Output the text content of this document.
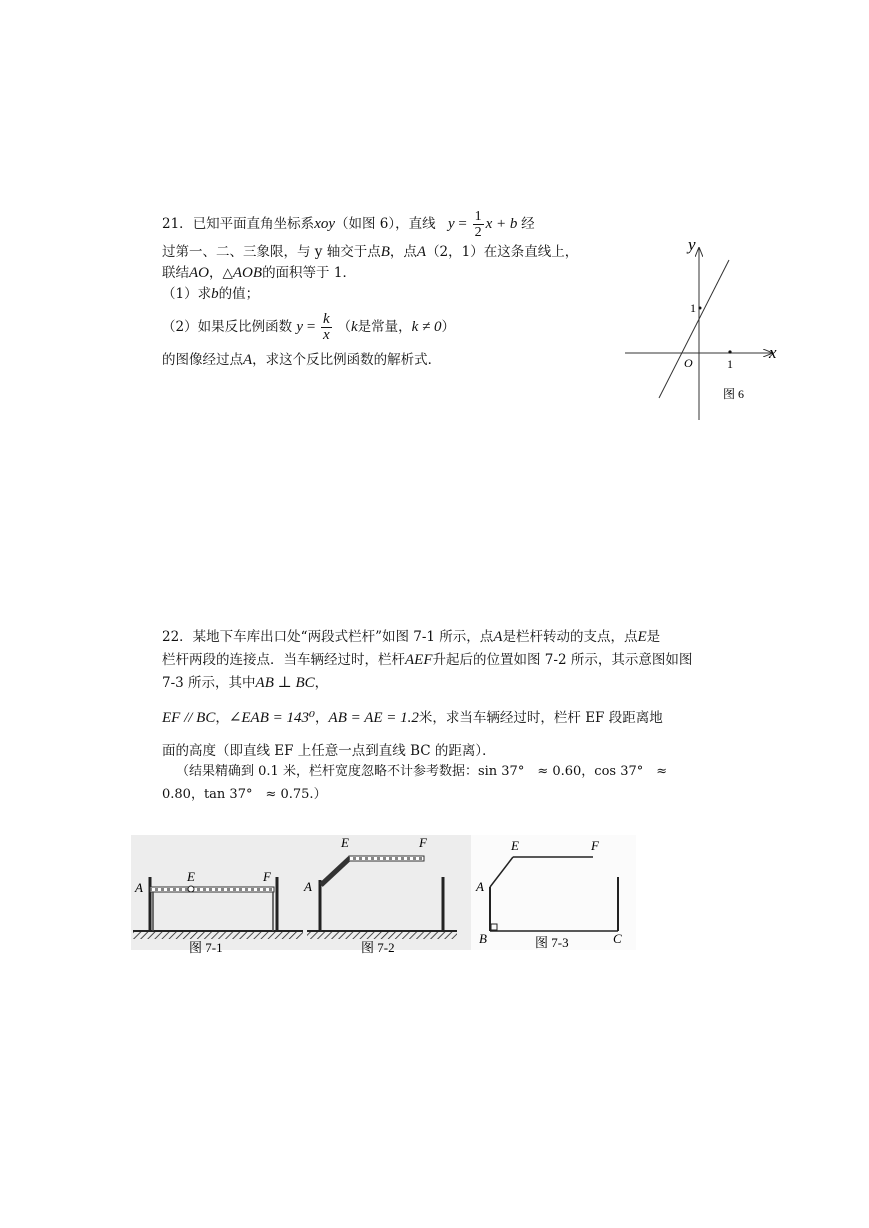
21．已知平面直角坐标系xoy（如图 6），直线 $y = \frac{1}{2}$ x + b 经
过第一、二、三象限，与 y 轴交于点B，点A（2，1）在这条直线上，
联结AO，△AOB的面积等于 1．
（1）求b的值；
（2）如果反比例函数 $y = \frac{k}{x} (k$是常量，k ≠ 0）
的图像经过点A，求这个反比例函数的解析式．
y
x
O
1
1
图 6
22．某地下车库出口处“两段式栏杆”如图 7-1 所示，点A是栏杆转动的支点，点E是
栏杆两段的连接点．当车辆经过时，栏杆AEF升起后的位置如图 7-2 所示，其示意图如图
7-3 所示，其中AB ⊥ BC，
EF // BC，∠EAB = 143⁰，AB = AE = 1.2米，求当车辆经过时，栏杆 EF 段距离地
面的高度（即直线 EF 上任意一点到直线 BC 的距离）．
（结果精确到 0.1 米，栏杆宽度忽略不计参考数据：sin 37°　≈ 0.60，cos 37°　≈
0.80，tan 37°　≈ 0.75.）
A
E	F
图 7-1
A
E	F
图 7-2
A
E	F
B	C
图 7-3
